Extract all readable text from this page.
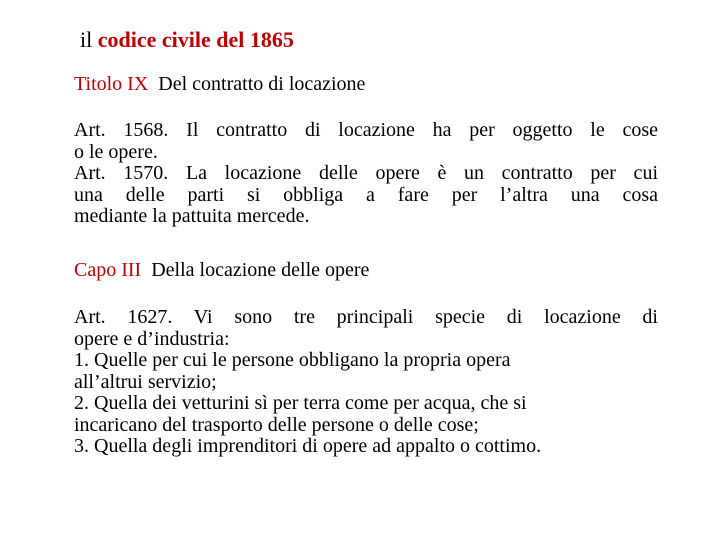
il codice civile del 1865
Titolo IX Del contratto di locazione
Art. 1568. Il contratto di locazione ha per oggetto le cose
o le opere.
Art. 1570. La locazione delle opere è un contratto per cui
una delle parti si obbliga a fare per l’altra una cosa
mediante la pattuita mercede.
Capo III Della locazione delle opere
Art. 1627. Vi sono tre principali specie di locazione di
opere e d’industria:
1. Quelle per cui le persone obbligano la propria opera
all’altrui servizio;
2. Quella dei vetturini sì per terra come per acqua, che si
incaricano del trasporto delle persone o delle cose;
3. Quella degli imprenditori di opere ad appalto o cottimo.
